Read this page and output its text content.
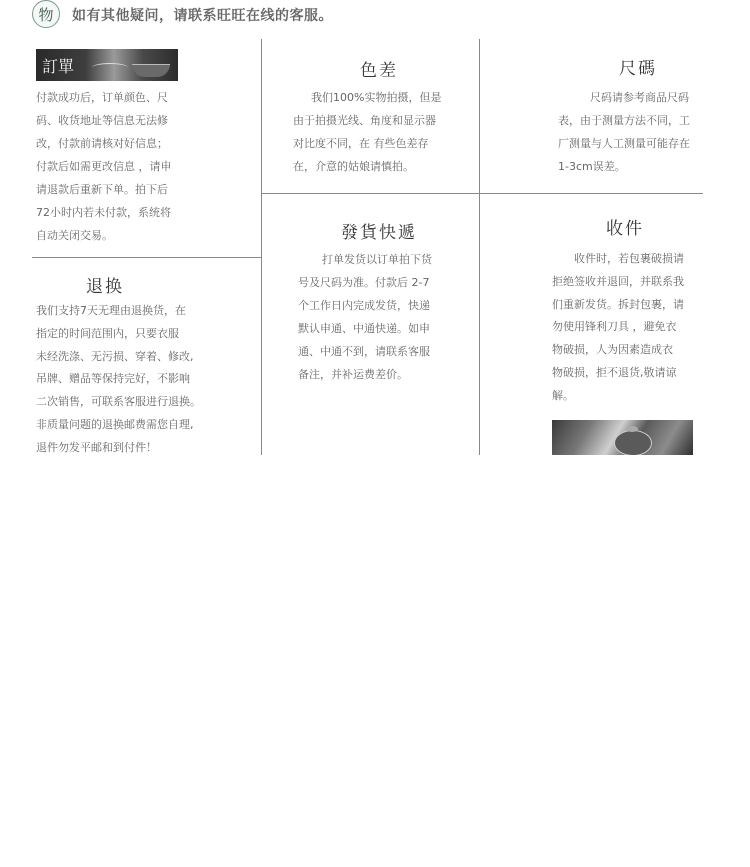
物 如有其他疑问，请联系旺旺在线的客服。
訂單
付款成功后，订单颜色、尺
码、收货地址等信息无法修
改，付款前请核对好信息；
付款后如需更改信息 ，请申
请退款后重新下单。拍下后
72小时内若未付款，系统将
自动关闭交易。
退换
我们支持7天无理由退换货，在
指定的时间范围内，只要衣服
未经洗涤、无污损、穿着、修改,
吊牌、赠品等保持完好，不影响
二次销售，可联系客服进行退换。
非质量问题的退换邮费需您自理,
退件勿发平邮和到付件！
色差
我们100%实物拍摄，但是
由于拍摄光线、角度和显示器
对比度不同，在 有些色差存
在，介意的姑娘请慎拍。
尺碼
尺码请参考商品尺码
表，由于测量方法不同，工
厂测量与人工测量可能存在
1-3cm误差。
發貨快遞
打单发货以订单拍下货
号及尺码为准。付款后 2-7
个工作日内完成发货，快递
默认申通、中通快递。如申
通、中通不到，请联系客服
备注，并补运费差价。
收件
收件时，若包裹破损请
拒绝签收并退回，并联系我
们重新发货。拆封包裹，请
勿使用锋利刀具 ，避免衣
物破损，人为因素造成衣
物破损，拒不退货,敬请谅
解。
